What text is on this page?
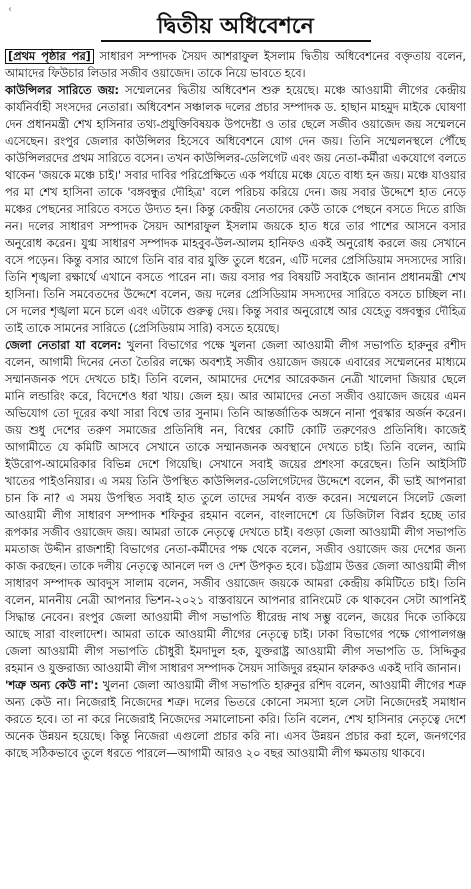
‹
দ্বিতীয় অধিবেশনে

[প্রথম পৃষ্ঠার পর] সাধারণ সম্পাদক সৈয়দ আশরাফুল ইসলাম দ্বিতীয় অধিবেশনের বক্তৃতায় বলেন, আমাদের ফিউচার লিডার সজীব ওয়াজেদ। তাকে নিয়ে ভাবতে হবে।

কাউন্সিলর সারিতে জয়: সম্মেলনের দ্বিতীয় অধিবেশন শুরু হয়েছে। মঞ্চে আওয়ামী লীগের কেন্দ্রীয় কার্যনির্বাহী সংসদের নেতারা। অধিবেশন সঞ্চালক দলের প্রচার সম্পাদক ড. হাছান মাহমুদ মাইকে ঘোষণা দেন প্রধানমন্ত্রী শেখ হাসিনার তথ্য-প্রযুক্তিবিষয়ক উপদেষ্টা ও তার ছেলে সজীব ওয়াজেদ জয় সম্মেলনে এসেছেন। রংপুর জেলার কাউন্সিলর হিসেবে অধিবেশনে যোগ দেন জয়। তিনি সম্মেলনস্থলে পৌঁছে কাউন্সিলরদের প্রথম সারিতে বসেন। তখন কাউন্সিলর-ডেলিগেট এবং জয় নেতা-কর্মীরা একযোগে বলতে থাকেন 'জয়কে মঞ্চে চাই।' সবার দাবির পরিপ্রেক্ষিতে এক পর্যায়ে মঞ্চে যেতে বাধ্য হন জয়। মঞ্চে যাওয়ার পর মা শেখ হাসিনা তাকে 'বঙ্গবন্ধুর দৌহিত্র' বলে পরিচয় করিয়ে দেন। জয় সবার উদ্দেশে হাত নেড়ে মঞ্চের পেছনের সারিতে বসতে উদ্যত হন। কিন্তু কেন্দ্রীয় নেতাদের কেউ তাকে পেছনে বসতে দিতে রাজি নন। দলের সাধারণ সম্পাদক সৈয়দ আশরাফুল ইসলাম জয়কে হাত ধরে তার পাশের আসনে বসার অনুরোধ করেন। যুগ্ম সাধারণ সম্পাদক মাহবুব-উল-আলম হানিফও একই অনুরোধ করলে জয় সেখানে বসে পড়েন। কিন্তু বসার আগে তিনি বার বার যুক্তি তুলে ধরেন, এটি দলের প্রেসিডিয়াম সদস্যদের সারি। তিনি শৃঙ্খলা রক্ষার্থে এখানে বসতে পারেন না। জয় বসার পর বিষয়টি সবাইকে জানান প্রধানমন্ত্রী শেখ হাসিনা। তিনি সমবেতদের উদ্দেশে বলেন, জয় দলের প্রেসিডিয়াম সদস্যদের সারিতে বসতে চাচ্ছিল না। সে দলের শৃঙ্খলা মনে চলে এবং এটাকে গুরুত্ব দেয়। কিন্তু সবার অনুরোধে আর যেহেতু বঙ্গবন্ধুর দৌহিত্র তাই তাকে সামনের সারিতে (প্রেসিডিয়াম সারি) বসতে হয়েছে।

জেলা নেতারা যা বলেন: খুলনা বিভাগের পক্ষে খুলনা জেলা আওয়ামী লীগ সভাপতি হারুনুর রশীদ বলেন, আগামী দিনের নেতা তৈরির লক্ষ্যে অবশ্যই সজীব ওয়াজেদ জয়কে এবারের সম্মেলনের মাধ্যমে সম্মানজনক পদে দেখতে চাই। তিনি বলেন, আমাদের দেশের আরেকজন নেত্রী খালেদা জিয়ার ছেলে মানি লন্ডারিং করে, বিদেশেও ধরা খায়। জেল হয়। আর আমাদের নেতা সজীব ওয়াজেদ জয়ের এমন অভিযোগ তো দূরের কথা সারা বিশ্বে তার সুনাম। তিনি আন্তর্জাতিক অঙ্গনে নানা পুরস্কার অর্জন করেন। জয় শুধু দেশের তরুণ সমাজের প্রতিনিধি নন, বিশ্বের কোটি কোটি তরুণেরও প্রতিনিধি। কাজেই আগামীতে যে কমিটি আসবে সেখানে তাকে সম্মানজনক অবস্থানে দেখতে চাই। তিনি বলেন, আমি ইউরোপ-আমেরিকার বিভিন্ন দেশে গিয়েছি। সেখানে সবাই জয়ের প্রশংসা করেছেন। তিনি আইসিটি খাতের পাইওনিয়ার। এ সময় তিনি উপস্থিত কাউন্সিলর-ডেলিগেটদের উদ্দেশে বলেন, কী ভাই আপনারা চান কি না? এ সময় উপস্থিত সবাই হাত তুলে তাদের সমর্থন ব্যক্ত করেন। সম্মেলনে সিলেট জেলা আওয়ামী লীগ সাধারণ সম্পাদক শফিকুর রহমান বলেন, বাংলাদেশে যে ডিজিটাল বিপ্লব হচ্ছে তার রূপকার সজীব ওয়াজেদ জয়। আমরা তাকে নেতৃত্বে দেখতে চাই। বগুড়া জেলা আওয়ামী লীগ সভাপতি মমতাজ উদ্দীন রাজশাহী বিভাগের নেতা-কর্মীদের পক্ষ থেকে বলেন, সজীব ওয়াজেদ জয় দেশের জন্য কাজ করছেন। তাকে দলীয় নেতৃত্বে আনলে দল ও দেশ উপকৃত হবে। চট্টগ্রাম উত্তর জেলা আওয়ামী লীগ সাধারণ সম্পাদক আবদুস সালাম বলেন, সজীব ওয়াজেদ জয়কে আমরা কেন্দ্রীয় কমিটিতে চাই। তিনি বলেন, মাননীয় নেত্রী আপনার ভিশন-২০২১ বাস্তবায়নে আপনার রানিংমেট কে থাকবেন সেটা আপনিই সিদ্ধান্ত নেবেন। রংপুর জেলা আওয়ামী লীগ সভাপতি ধীরেন্দ্র নাথ সম্ভু বলেন, জয়ের দিকে তাকিয়ে আছে সারা বাংলাদেশ। আমরা তাকে আওয়ামী লীগের নেতৃত্বে চাই। ঢাকা বিভাগের পক্ষে গোপালগঞ্জ জেলা আওয়ামী লীগ সভাপতি চৌধুরী ইমদাদুল হক, যুক্তরাষ্ট্র আওয়ামী লীগ সভাপতি ড. সিদ্দিকুর রহমান ও যুক্তরাজ্য আওয়ামী লীগ সাধারণ সম্পাদক সৈয়দ সাজিদুর রহমান ফারুকও একই দাবি জানান।

'শত্রু অন্য কেউ না': খুলনা জেলা আওয়ামী লীগ সভাপতি হারুনুর রশিদ বলেন, আওয়ামী লীগের শত্রু অন্য কেউ না। নিজেরাই নিজেদের শত্রু। দলের ভিতরে কোনো সমস্যা হলে সেটা নিজেদেরই সমাধান করতে হবে। তা না করে নিজেরাই নিজেদের সমালোচনা করি। তিনি বলেন, শেখ হাসিনার নেতৃত্বে দেশে অনেক উন্নয়ন হয়েছে। কিন্তু নিজেরা এগুলো প্রচার করি না। এসব উন্নয়ন প্রচার করা হলে, জনগণের কাছে সঠিকভাবে তুলে ধরতে পারলে—আগামী আরও ২০ বছর আওয়ামী লীগ ক্ষমতায় থাকবে।
